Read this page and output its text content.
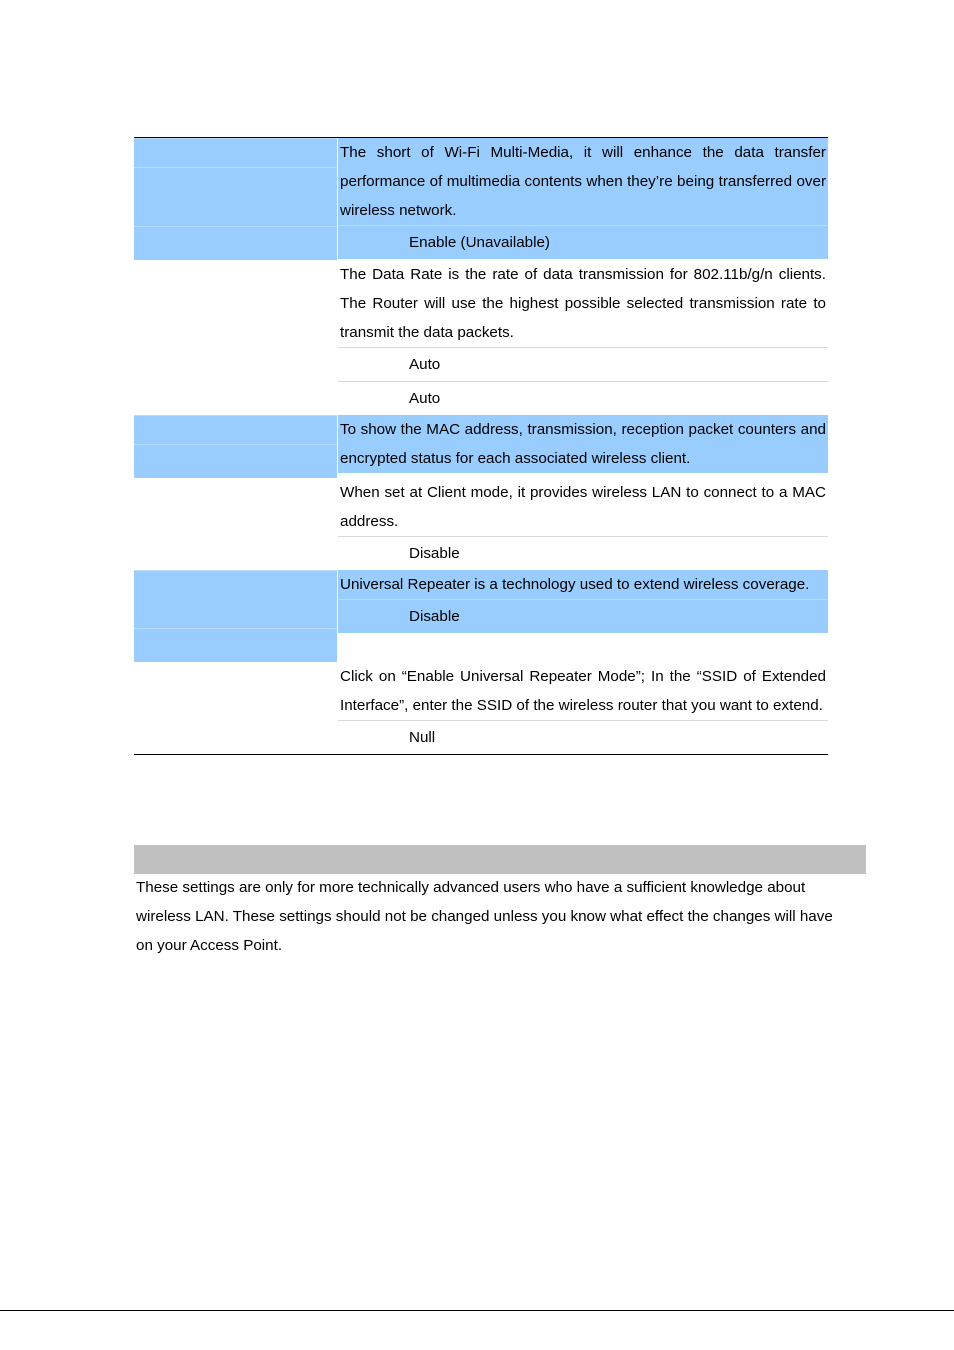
The short of Wi-Fi Multi-Media, it will enhance the data transfer performance of multimedia contents when they’re being transferred over wireless network.
Enable (Unavailable)
The Data Rate is the rate of data transmission for 802.11b/g/n clients. The Router will use the highest possible selected transmission rate to transmit the data packets.
Auto
Auto
To show the MAC address, transmission, reception packet counters and encrypted status for each associated wireless client.
When set at Client mode, it provides wireless LAN to connect to a MAC address.
Disable
Universal Repeater is a technology used to extend wireless coverage.
Disable
Click on “Enable Universal Repeater Mode”; In the “SSID of Extended Interface”, enter the SSID of the wireless router that you want to extend.
Null
These settings are only for more technically advanced users who have a sufficient knowledge about wireless LAN. These settings should not be changed unless you know what effect the changes will have on your Access Point.
